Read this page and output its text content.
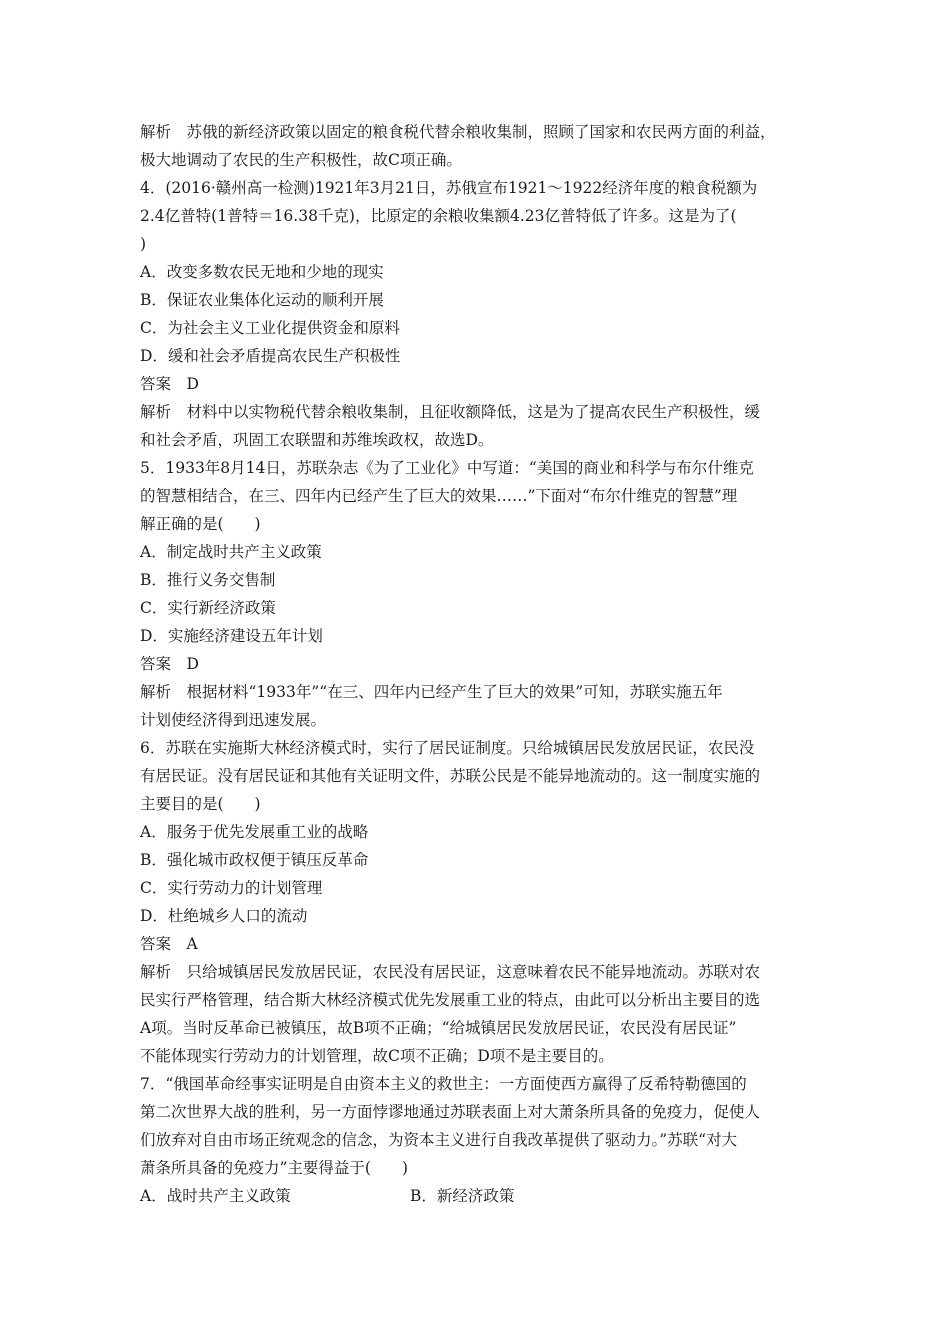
解析　苏俄的新经济政策以固定的粮食税代替余粮收集制，照顾了国家和农民两方面的利益，
极大地调动了农民的生产积极性，故C项正确。
4．(2016·赣州高一检测)1921年3月21日，苏俄宣布1921～1922经济年度的粮食税额为
2.4亿普特(1普特＝16.38千克)，比原定的余粮收集额4.23亿普特低了许多。这是为了(
)
A．改变多数农民无地和少地的现实
B．保证农业集体化运动的顺利开展
C．为社会主义工业化提供资金和原料
D．缓和社会矛盾提高农民生产积极性
答案　D
解析　材料中以实物税代替余粮收集制，且征收额降低，这是为了提高农民生产积极性，缓
和社会矛盾，巩固工农联盟和苏维埃政权，故选D。
5．1933年8月14日，苏联杂志《为了工业化》中写道：“美国的商业和科学与布尔什维克
的智慧相结合，在三、四年内已经产生了巨大的效果……”下面对“布尔什维克的智慧”理
解正确的是(　　)
A．制定战时共产主义政策
B．推行义务交售制
C．实行新经济政策
D．实施经济建设五年计划
答案　D
解析　根据材料“1933年”“在三、四年内已经产生了巨大的效果”可知，苏联实施五年
计划使经济得到迅速发展。
6．苏联在实施斯大林经济模式时，实行了居民证制度。只给城镇居民发放居民证，农民没
有居民证。没有居民证和其他有关证明文件，苏联公民是不能异地流动的。这一制度实施的
主要目的是(　　)
A．服务于优先发展重工业的战略
B．强化城市政权便于镇压反革命
C．实行劳动力的计划管理
D．杜绝城乡人口的流动
答案　A
解析　只给城镇居民发放居民证，农民没有居民证，这意味着农民不能异地流动。苏联对农
民实行严格管理，结合斯大林经济模式优先发展重工业的特点，由此可以分析出主要目的选
A项。当时反革命已被镇压，故B项不正确；“给城镇居民发放居民证，农民没有居民证”
不能体现实行劳动力的计划管理，故C项不正确；D项不是主要目的。
7．“俄国革命经事实证明是自由资本主义的救世主：一方面使西方赢得了反希特勒德国的
第二次世界大战的胜利，另一方面悖谬地通过苏联表面上对大萧条所具备的免疫力，促使人
们放弃对自由市场正统观念的信念，为资本主义进行自我改革提供了驱动力。”苏联“对大
萧条所具备的免疫力”主要得益于(　　)
A．战时共产主义政策	B．新经济政策
